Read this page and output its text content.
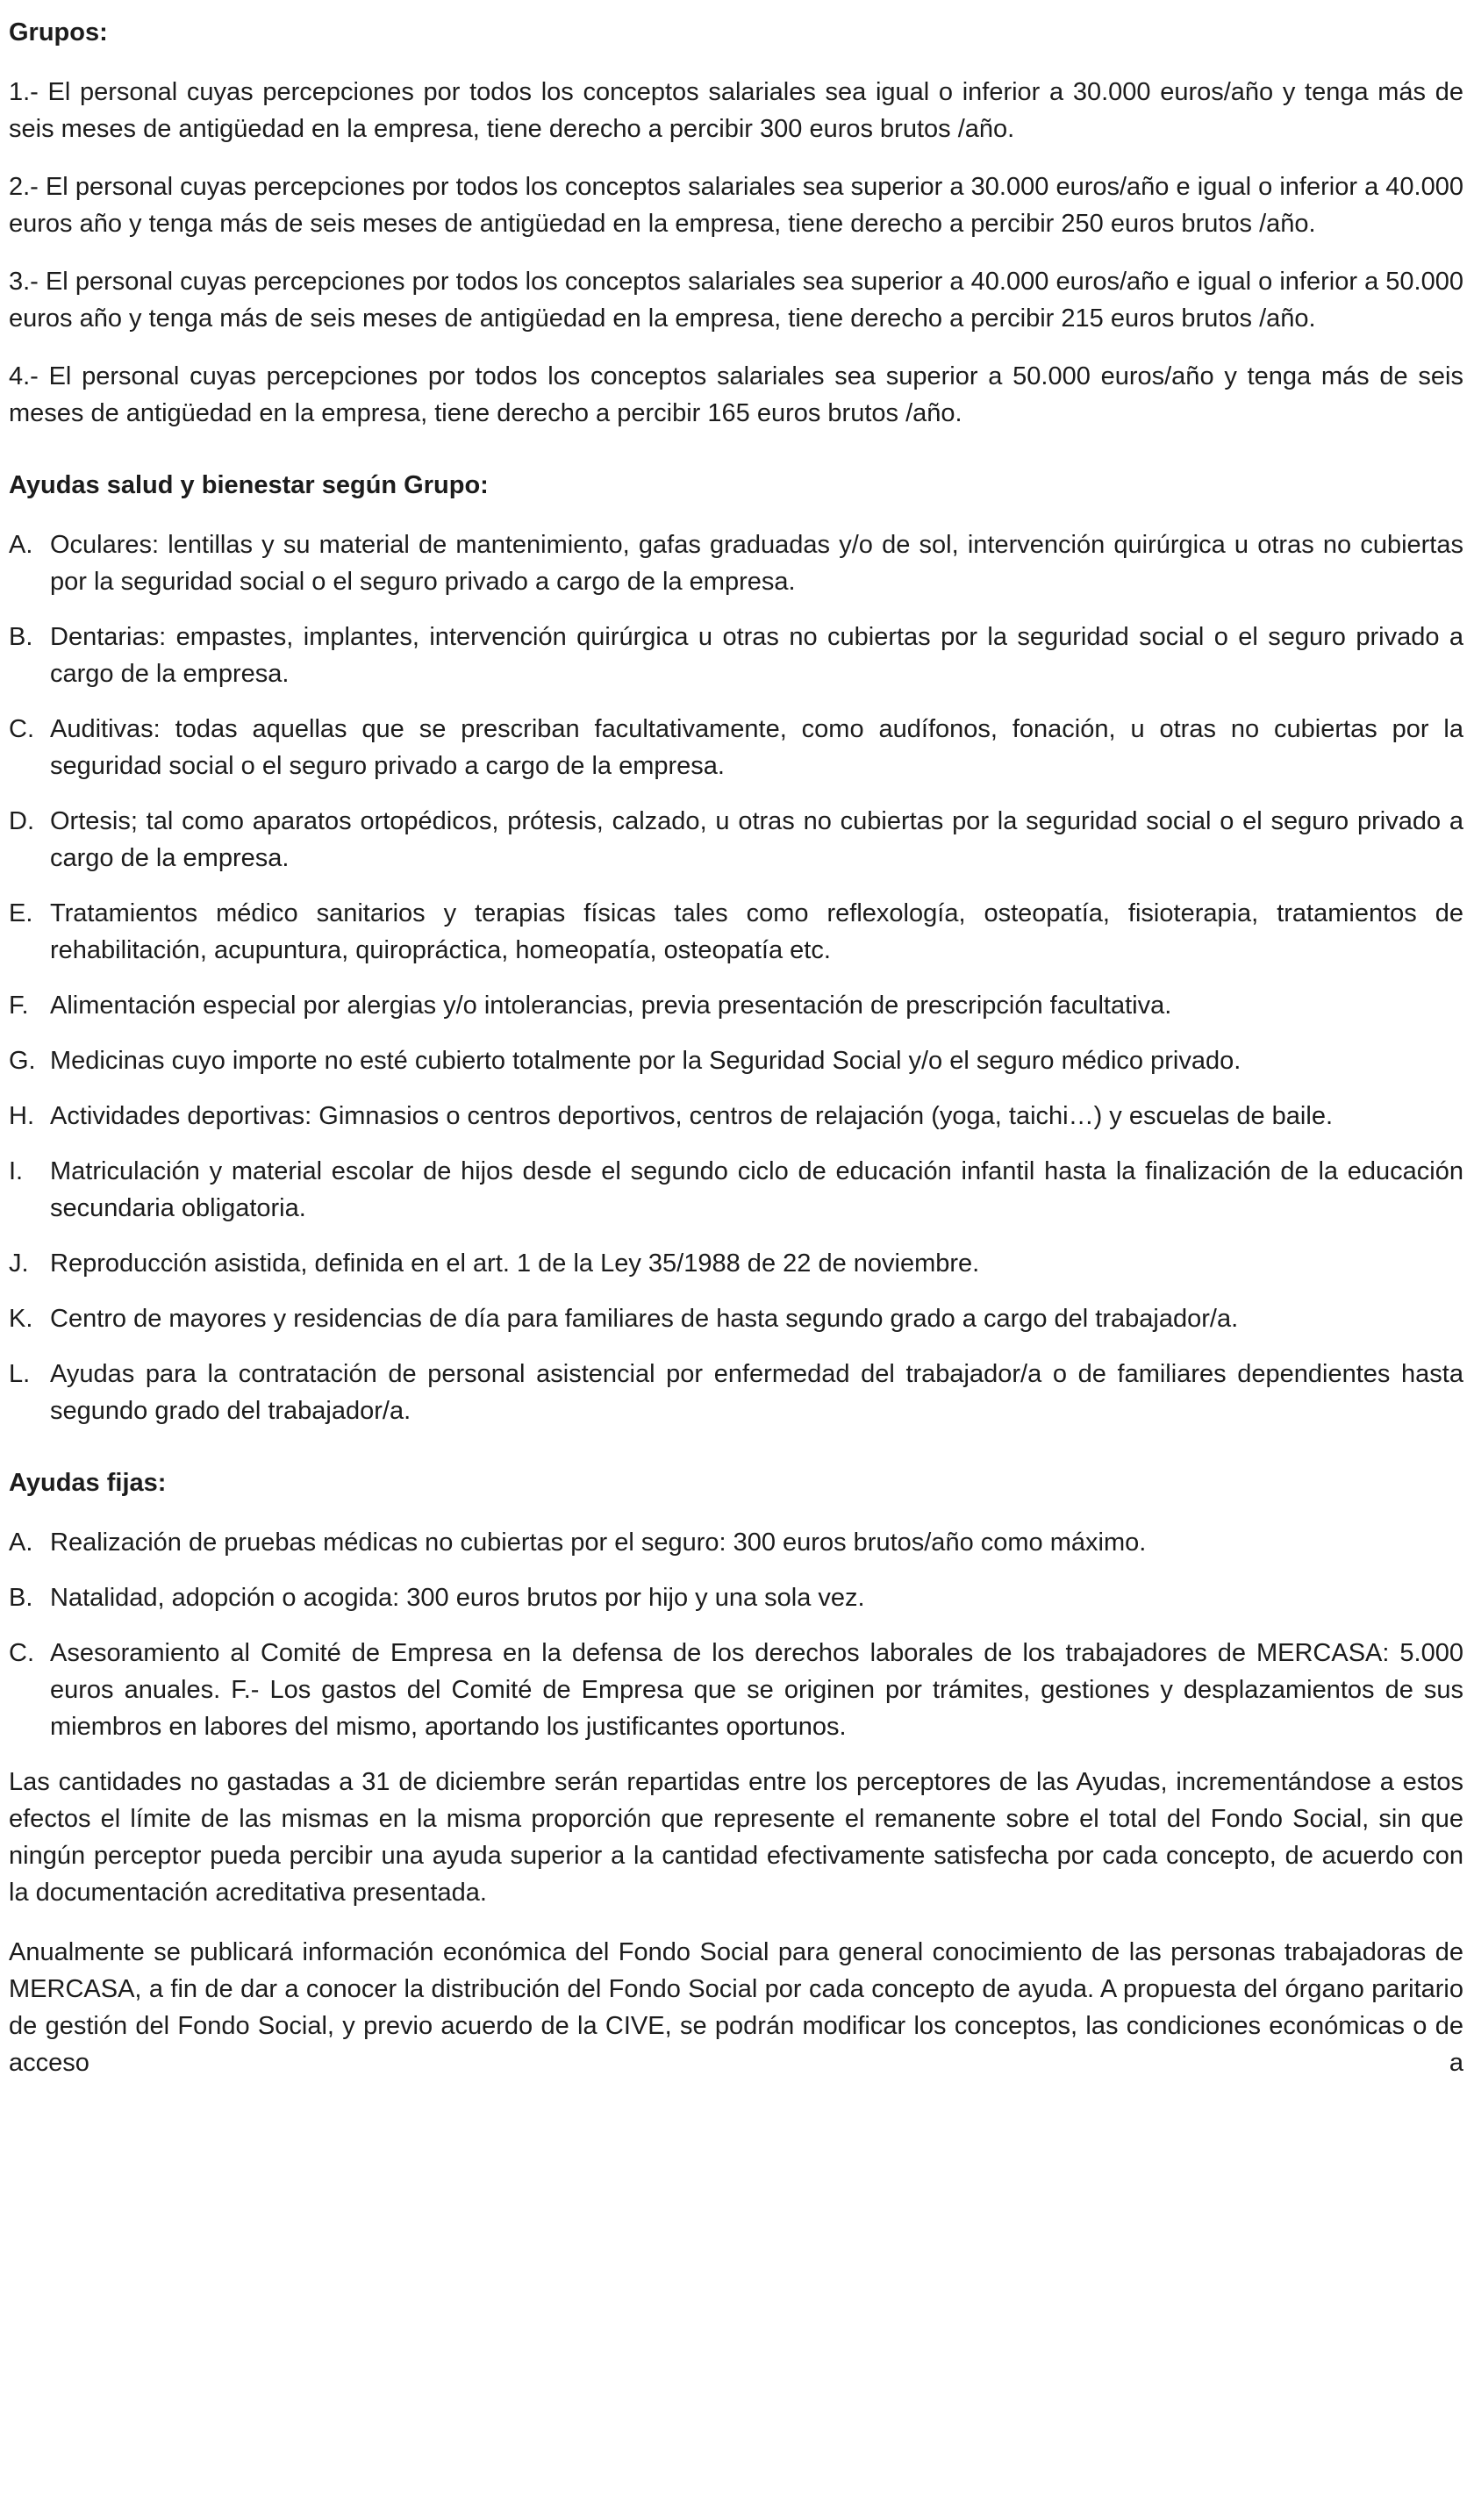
Grupos:

1.- El personal cuyas percepciones por todos los conceptos salariales sea igual o inferior a 30.000 euros/año y tenga más de seis meses de antigüedad en la empresa, tiene derecho a percibir 300 euros brutos /año.

2.- El personal cuyas percepciones por todos los conceptos salariales sea superior a 30.000 euros/año e igual o inferior a 40.000 euros año y tenga más de seis meses de antigüedad en la empresa, tiene derecho a percibir 250 euros brutos /año.

3.- El personal cuyas percepciones por todos los conceptos salariales sea superior a 40.000 euros/año e igual o inferior a 50.000 euros año y tenga más de seis meses de antigüedad en la empresa, tiene derecho a percibir 215 euros brutos /año.

4.- El personal cuyas percepciones por todos los conceptos salariales sea superior a 50.000 euros/año y tenga más de seis meses de antigüedad en la empresa, tiene derecho a percibir 165 euros brutos /año.

Ayudas salud y bienestar según Grupo:
A. Oculares: lentillas y su material de mantenimiento, gafas graduadas y/o de sol, intervención quirúrgica u otras no cubiertas por la seguridad social o el seguro privado a cargo de la empresa.
B. Dentarias: empastes, implantes, intervención quirúrgica u otras no cubiertas por la seguridad social o el seguro privado a cargo de la empresa.
C. Auditivas: todas aquellas que se prescriban facultativamente, como audífonos, fonación, u otras no cubiertas por la seguridad social o el seguro privado a cargo de la empresa.
D. Ortesis; tal como aparatos ortopédicos, prótesis, calzado, u otras no cubiertas por la seguridad social o el seguro privado a cargo de la empresa.
E. Tratamientos médico sanitarios y terapias físicas tales como reflexología, osteopatía, fisioterapia, tratamientos de rehabilitación, acupuntura, quiropráctica, homeopatía, osteopatía etc.
F. Alimentación especial por alergias y/o intolerancias, previa presentación de prescripción facultativa.
G. Medicinas cuyo importe no esté cubierto totalmente por la Seguridad Social y/o el seguro médico privado.
H. Actividades deportivas: Gimnasios o centros deportivos, centros de relajación (yoga, taichi…) y escuelas de baile.
I.	Matriculación y material escolar de hijos desde el segundo ciclo de educación infantil hasta la finalización de la educación secundaria obligatoria.
J. Reproducción asistida, definida en el art. 1 de la Ley 35/1988 de 22 de noviembre.
K. Centro de mayores y residencias de día para familiares de hasta segundo grado a cargo del trabajador/a.
L. Ayudas para la contratación de personal asistencial por enfermedad del trabajador/a o de familiares dependientes hasta segundo grado del trabajador/a.
Ayudas fijas:
A. Realización de pruebas médicas no cubiertas por el seguro: 300 euros brutos/año como máximo.
B. Natalidad, adopción o acogida: 300 euros brutos por hijo y una sola vez.
C. Asesoramiento al Comité de Empresa en la defensa de los derechos laborales de los trabajadores de MERCASA: 5.000 euros anuales. F.- Los gastos del Comité de Empresa que se originen por trámites, gestiones y desplazamientos de sus miembros en labores del mismo, aportando los justificantes oportunos.

Las cantidades no gastadas a 31 de diciembre serán repartidas entre los perceptores de las Ayudas, incrementándose a estos efectos el límite de las mismas en la misma proporción que represente el remanente sobre el total del Fondo Social, sin que ningún perceptor pueda percibir una ayuda superior a la cantidad efectivamente satisfecha por cada concepto, de acuerdo con la documentación acreditativa presentada.

Anualmente se publicará información económica del Fondo Social para general conocimiento de las personas trabajadoras de MERCASA, a fin de dar a conocer la distribución del Fondo Social por cada concepto de ayuda. A propuesta del órgano paritario de gestión del Fondo Social, y previo acuerdo de la CIVE, se podrán modificar los conceptos, las condiciones económicas o de acceso a
